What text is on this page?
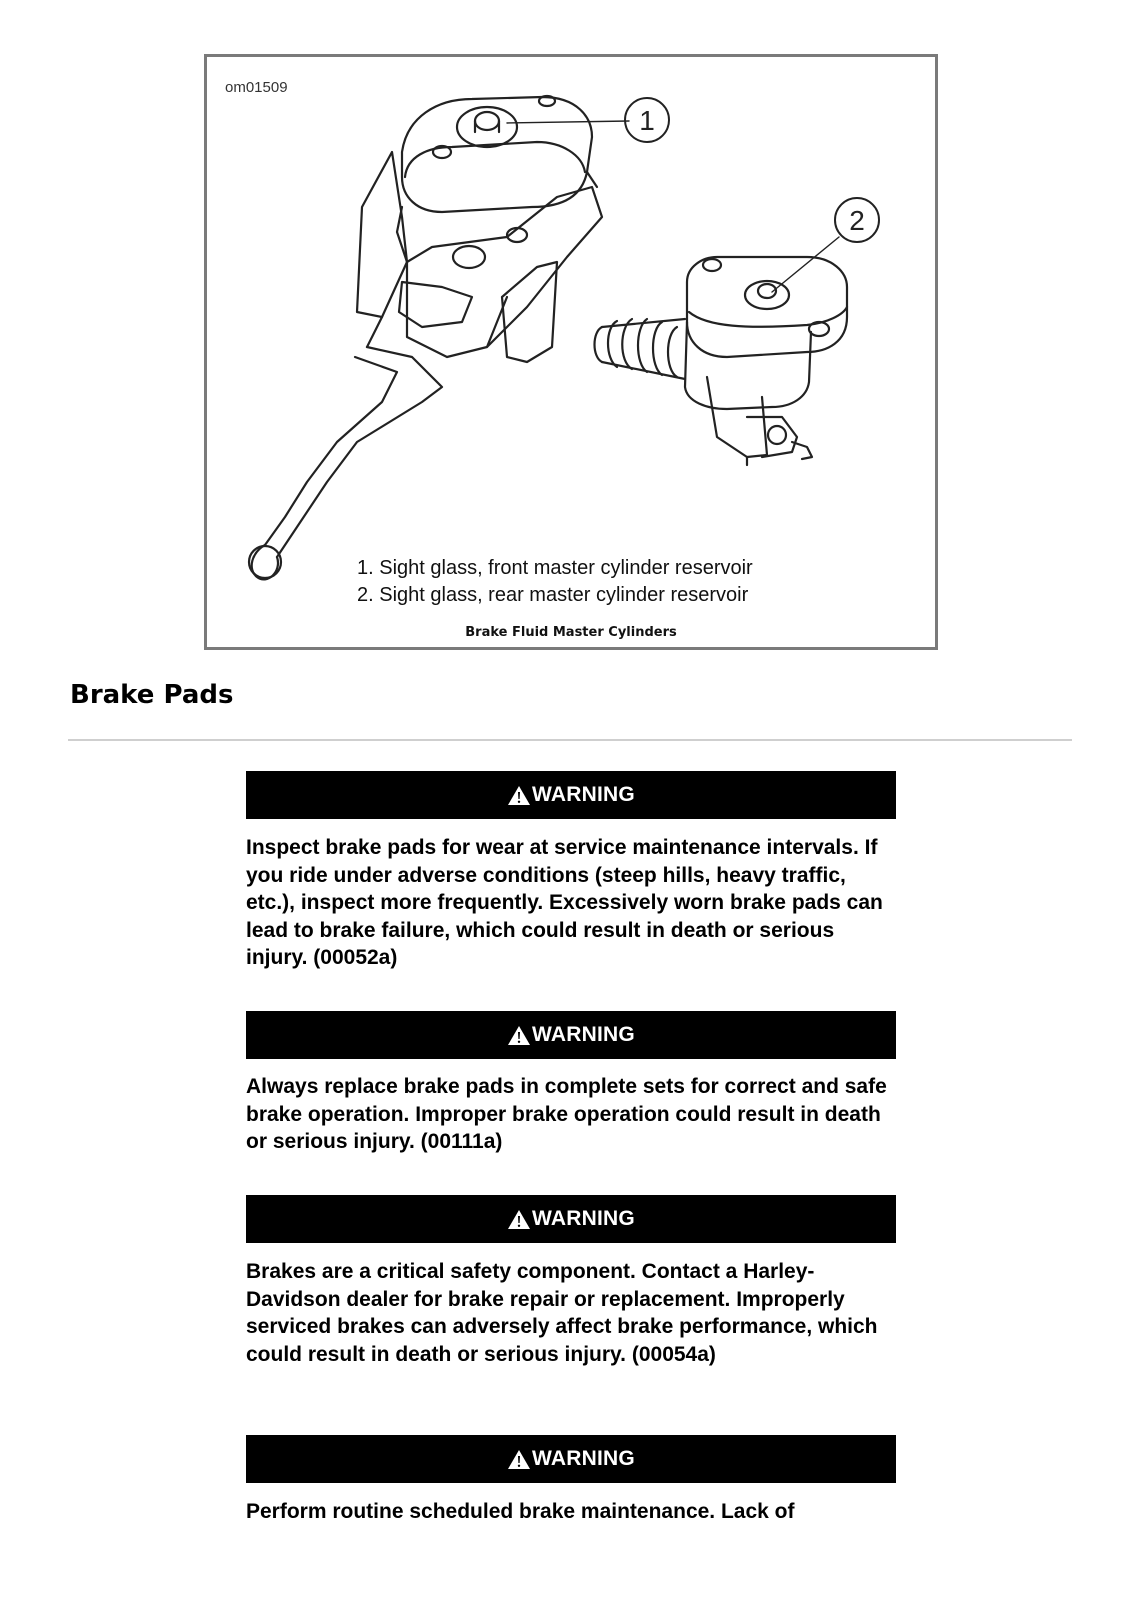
om01509
1
2
1. Sight glass, front master cylinder reservoir
2. Sight glass, rear master cylinder reservoir
Brake Fluid Master Cylinders
Brake Pads
WARNING

Inspect brake pads for wear at service maintenance intervals. If you ride under adverse conditions (steep hills, heavy traffic, etc.), inspect more frequently. Excessively worn brake pads can lead to brake failure, which could result in death or serious injury. (00052a)

WARNING

Always replace brake pads in complete sets for correct and safe brake operation. Improper brake operation could result in death or serious injury. (00111a)

WARNING

Brakes are a critical safety component. Contact a Harley-Davidson dealer for brake repair or replacement. Improperly serviced brakes can adversely affect brake performance, which could result in death or serious injury. (00054a)

WARNING

Perform routine scheduled brake maintenance. Lack of
